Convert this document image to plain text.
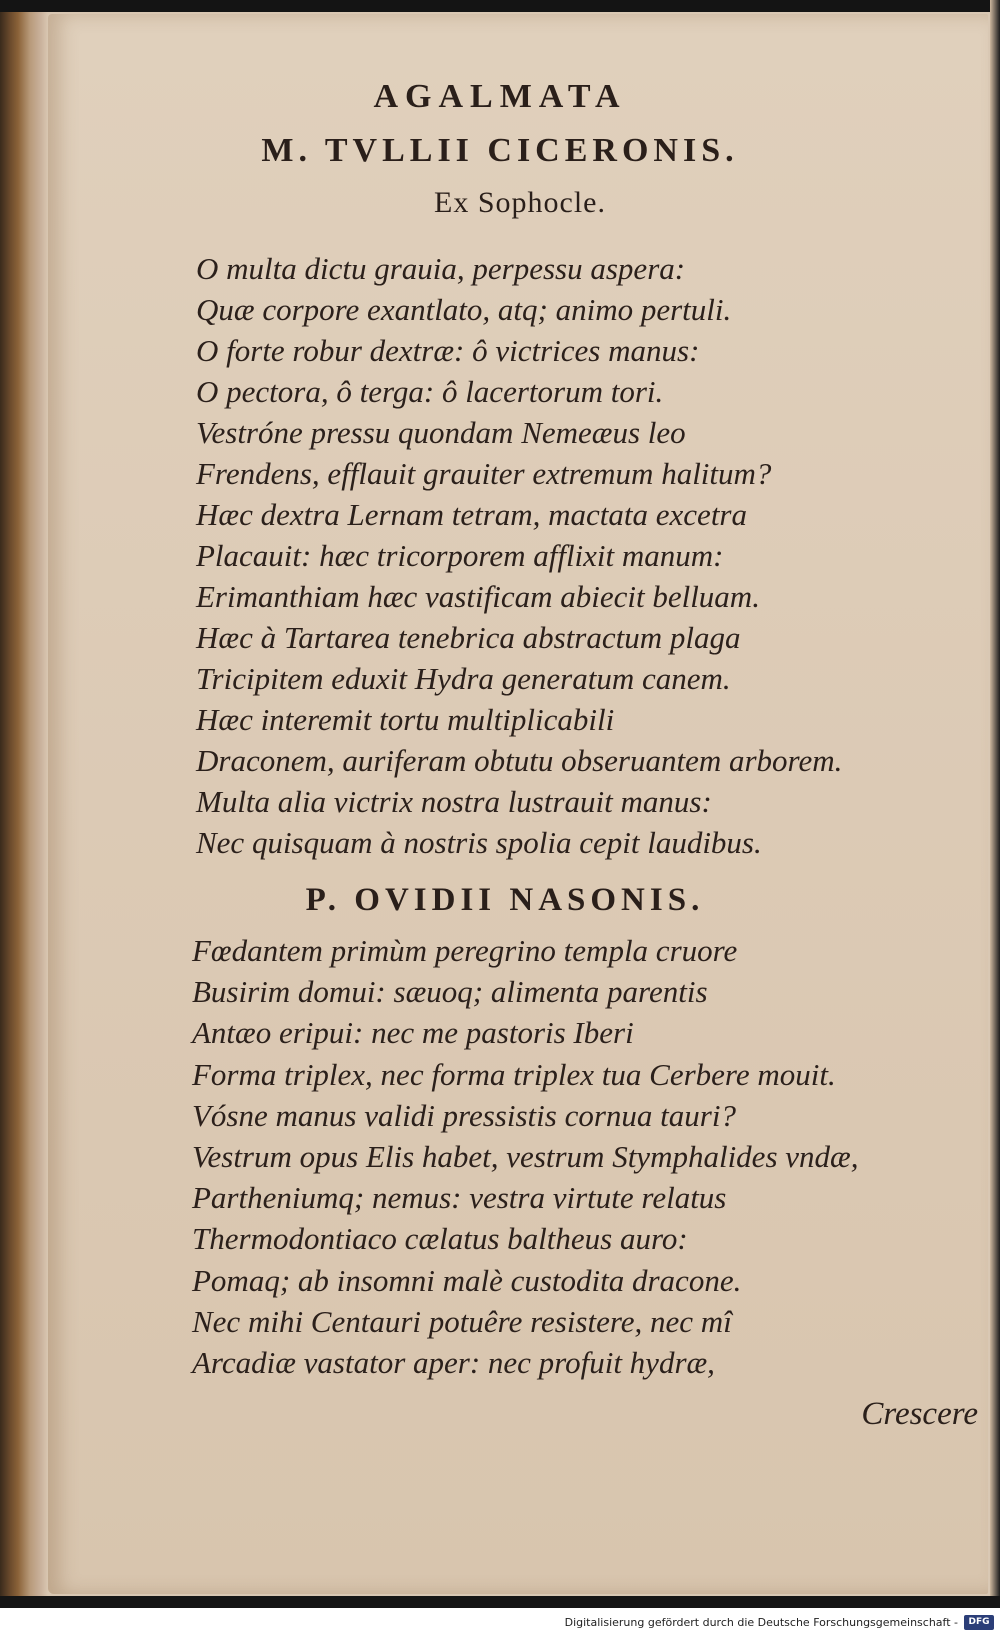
AGALMATA
M. TVLLII CICERONIS.
Ex Sophocle.
O multa dictu grauia, perpessu aspera:
Quæ corpore exantlato, atq; animo pertuli.
O forte robur dextræ: ô victrices manus:
O pectora, ô terga: ô lacertorum tori.
Vestróne pressu quondam Nemeæus leo
Frendens, efflauit grauiter extremum halitum?
Hæc dextra Lernam tetram, mactata excetra
Placauit: hæc tricorporem afflixit manum:
Erimanthiam hæc vastificam abiecit belluam.
Hæc à Tartarea tenebrica abstractum plaga
Tricipitem eduxit Hydra generatum canem.
Hæc interemit tortu multiplicabili
Draconem, auriferam obtutu obseruantem arborem.
Multa alia victrix nostra lustrauit manus:
Nec quisquam à nostris spolia cepit laudibus.
P. OVIDII NASONIS.
Fœdantem primùm peregrino templa cruore
Busirim domui: sæuoq; alimenta parentis
Antæo eripui: nec me pastoris Iberi
Forma triplex, nec forma triplex tua Cerbere mouit.
Vósne manus validi pressistis cornua tauri?
Vestrum opus Elis habet, vestrum Stymphalides vndæ,
Partheniumq; nemus: vestra virtute relatus
Thermodontiaco cælatus baltheus auro:
Pomaq; ab insomni malè custodita dracone.
Nec mihi Centauri potuêre resistere, nec mî
Arcadiæ vastator aper: nec profuit hydræ,
Crescere
Digitalisierung gefördert durch die Deutsche Forschungsgemeinschaft -	DFG
